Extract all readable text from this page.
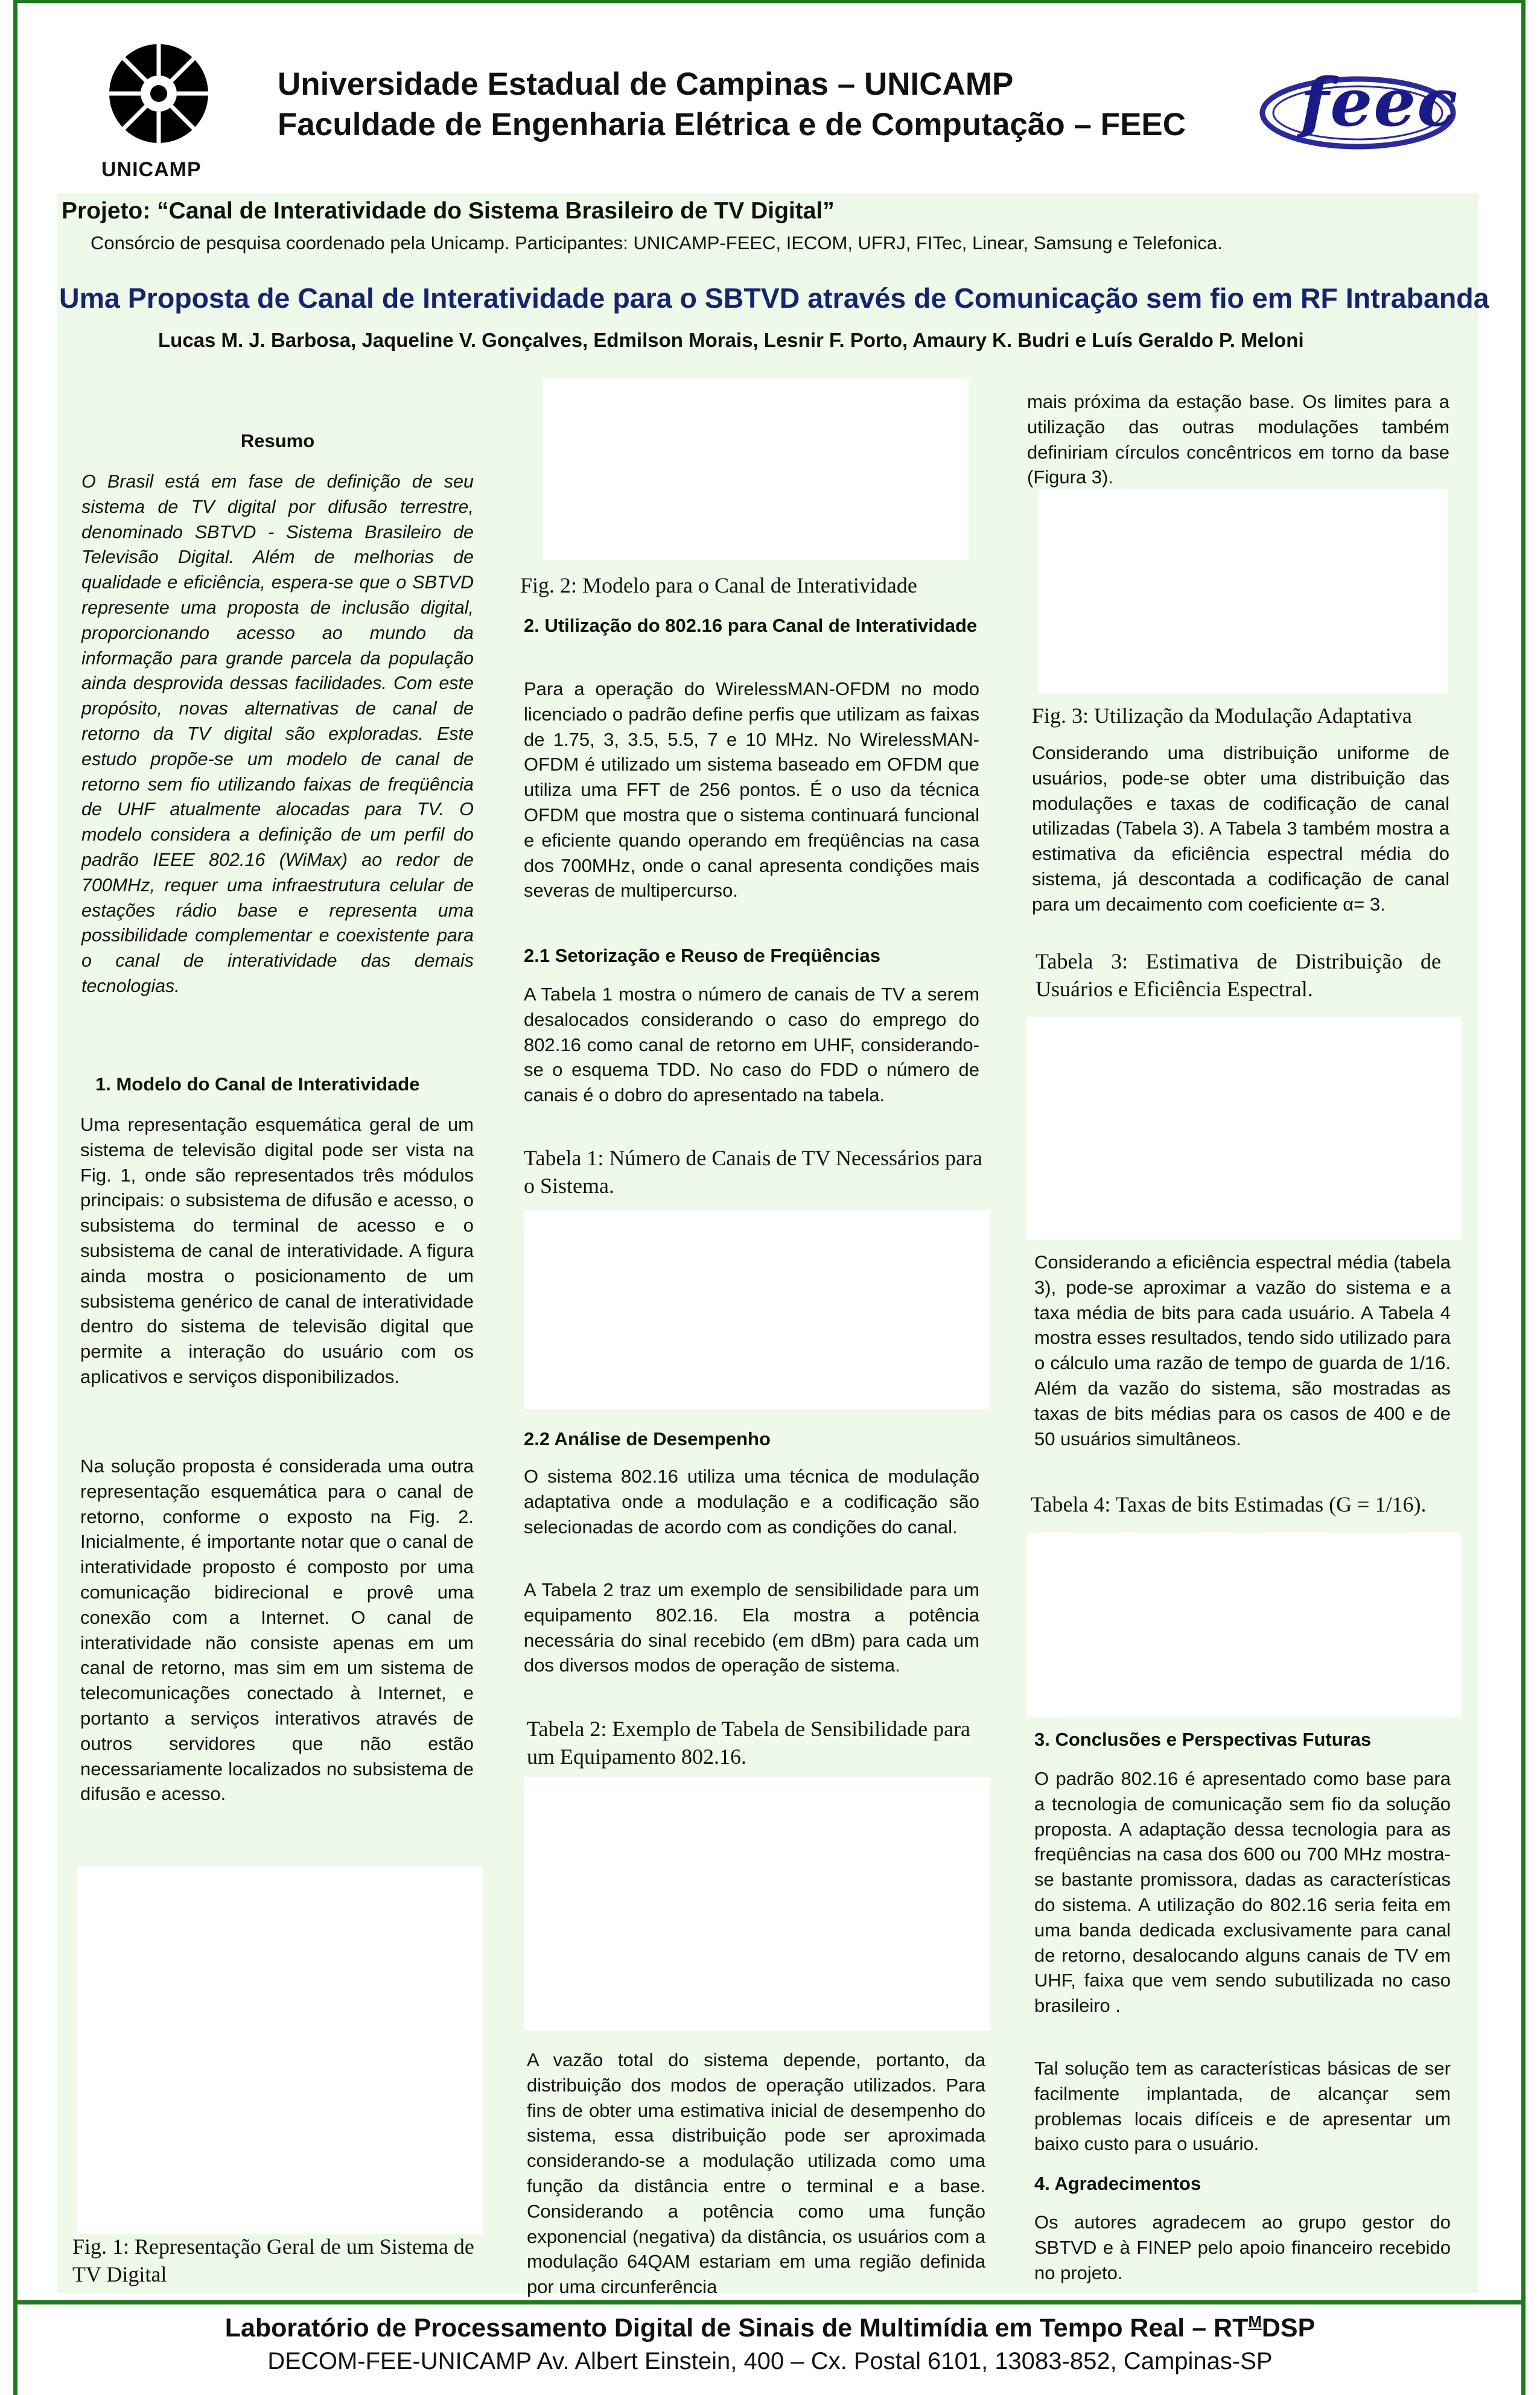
UNICAMP
Universidade Estadual de Campinas – UNICAMP
Faculdade de Engenharia Elétrica e de Computação – FEEC feec
Projeto: “Canal de Interatividade do Sistema Brasileiro de TV Digital”
Consórcio de pesquisa coordenado pela Unicamp. Participantes: UNICAMP-FEEC, IECOM, UFRJ, FITec, Linear, Samsung e Telefonica.
Uma Proposta de Canal de Interatividade para o SBTVD através de Comunicação sem fio em RF Intrabanda
Lucas M. J. Barbosa, Jaqueline V. Gonçalves, Edmilson Morais, Lesnir F. Porto, Amaury K. Budri e Luís Geraldo P. Meloni
Resumo
O Brasil está em fase de definição de seu sistema de TV digital por difusão terrestre, denominado SBTVD - Sistema Brasileiro de Televisão Digital. Além de melhorias de qualidade e eficiência, espera-se que o SBTVD represente uma proposta de inclusão digital, proporcionando acesso ao mundo da informação para grande parcela da população ainda desprovida dessas facilidades. Com este propósito, novas alternativas de canal de retorno da TV digital são exploradas. Este estudo propõe-se um modelo de canal de retorno sem fio utilizando faixas de freqüência de UHF atualmente alocadas para TV. O modelo considera a definição de um perfil do padrão IEEE 802.16 (WiMax) ao redor de 700MHz, requer uma infraestrutura celular de estações rádio base e representa uma possibilidade complementar e coexistente para o canal de interatividade das demais tecnologias.
1. Modelo do Canal de Interatividade
Uma representação esquemática geral de um sistema de televisão digital pode ser vista na Fig. 1, onde são representados três módulos principais: o subsistema de difusão e acesso, o subsistema do terminal de acesso e o subsistema de canal de interatividade. A figura ainda mostra o posicionamento de um subsistema genérico de canal de interatividade dentro do sistema de televisão digital que permite a interação do usuário com os aplicativos e serviços disponibilizados.
Na solução proposta é considerada uma outra representação esquemática para o canal de retorno, conforme o exposto na Fig. 2. Inicialmente, é importante notar que o canal de interatividade proposto é composto por uma comunicação bidirecional e provê uma conexão com a Internet. O canal de interatividade não consiste apenas em um canal de retorno, mas sim em um sistema de telecomunicações conectado à Internet, e portanto a serviços interativos através de outros servidores que não estão necessariamente localizados no subsistema de difusão e acesso.
Fig. 1: Representação Geral de um Sistema de TV Digital
Fig. 2: Modelo para o Canal de Interatividade
2. Utilização do 802.16 para Canal de Interatividade
Para a operação do WirelessMAN-OFDM no modo licenciado o padrão define perfis que utilizam as faixas de 1.75, 3, 3.5, 5.5, 7 e 10 MHz. No WirelessMAN-OFDM é utilizado um sistema baseado em OFDM que utiliza uma FFT de 256 pontos. É o uso da técnica OFDM que mostra que o sistema continuará funcional e eficiente quando operando em freqüências na casa dos 700MHz, onde o canal apresenta condições mais severas de multipercurso.
2.1 Setorização e Reuso de Freqüências
A Tabela 1 mostra o número de canais de TV a serem desalocados considerando o caso do emprego do 802.16 como canal de retorno em UHF, considerando-se o esquema TDD. No caso do FDD o número de canais é o dobro do apresentado na tabela.
Tabela 1: Número de Canais de TV Necessários para o Sistema.
2.2 Análise de Desempenho
O sistema 802.16 utiliza uma técnica de modulação adaptativa onde a modulação e a codificação são selecionadas de acordo com as condições do canal.
A Tabela 2 traz um exemplo de sensibilidade para um equipamento 802.16. Ela mostra a potência necessária do sinal recebido (em dBm) para cada um dos diversos modos de operação de sistema.
Tabela 2: Exemplo de Tabela de Sensibilidade para um Equipamento 802.16.
A vazão total do sistema depende, portanto, da distribuição dos modos de operação utilizados. Para fins de obter uma estimativa inicial de desempenho do sistema, essa distribuição pode ser aproximada considerando-se a modulação utilizada como uma função da distância entre o terminal e a base. Considerando a potência como uma função exponencial (negativa) da distância, os usuários com a modulação 64QAM estariam em uma região definida por uma circunferência
mais próxima da estação base. Os limites para a utilização das outras modulações também definiriam círculos concêntricos em torno da base (Figura 3).
Fig. 3: Utilização da Modulação Adaptativa
Considerando uma distribuição uniforme de usuários, pode-se obter uma distribuição das modulações e taxas de codificação de canal utilizadas (Tabela 3). A Tabela 3 também mostra a estimativa da eficiência espectral média do sistema, já descontada a codificação de canal para um decaimento com coeficiente α= 3.
Tabela 3: Estimativa de Distribuição de Usuários e Eficiência Espectral.
Considerando a eficiência espectral média (tabela 3), pode-se aproximar a vazão do sistema e a taxa média de bits para cada usuário. A Tabela 4 mostra esses resultados, tendo sido utilizado para o cálculo uma razão de tempo de guarda de 1/16. Além da vazão do sistema, são mostradas as taxas de bits médias para os casos de 400 e de 50 usuários simultâneos.
Tabela 4: Taxas de bits Estimadas (G = 1/16).
3. Conclusões e Perspectivas Futuras
O padrão 802.16 é apresentado como base para a tecnologia de comunicação sem fio da solução proposta. A adaptação dessa tecnologia para as freqüências na casa dos 600 ou 700 MHz mostra-se bastante promissora, dadas as características do sistema. A utilização do 802.16 seria feita em uma banda dedicada exclusivamente para canal de retorno, desalocando alguns canais de TV em UHF, faixa que vem sendo subutilizada no caso brasileiro .
Tal solução tem as características básicas de ser facilmente implantada, de alcançar sem problemas locais difíceis e de apresentar um baixo custo para o usuário.
4. Agradecimentos
Os autores agradecem ao grupo gestor do SBTVD e à FINEP pelo apoio financeiro recebido no projeto.
Laboratório de Processamento Digital de Sinais de Multimídia em Tempo Real – $RT^MDSP$
DECOM-FEE-UNICAMP Av. Albert Einstein, 400 – Cx. Postal 6101, 13083-852, Campinas-SP
